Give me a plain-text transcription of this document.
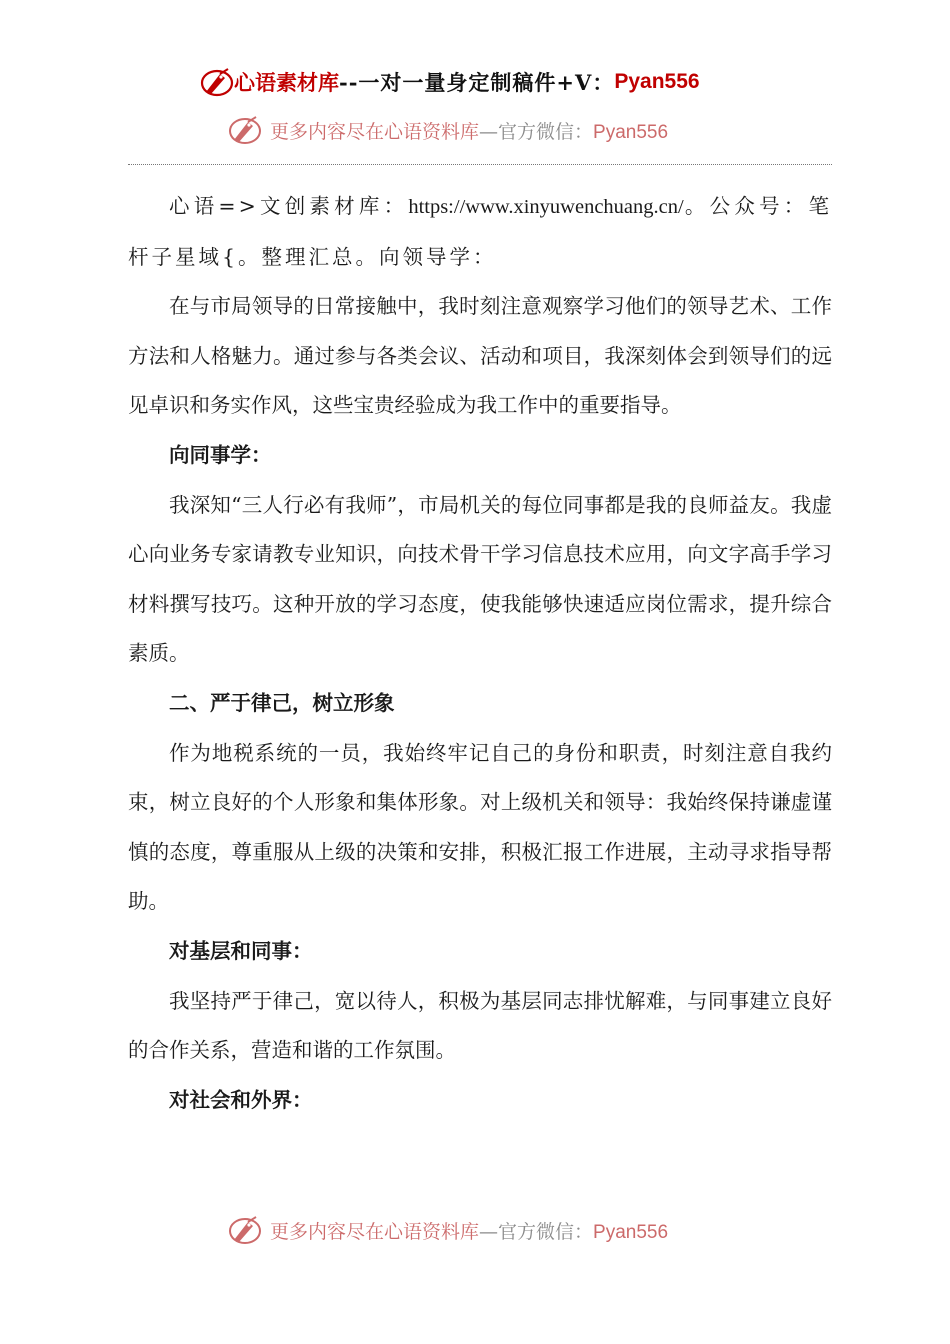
心语素材库 --一对一量身定制稿件+V： Pyan556
更多内容尽在心语资料库—官方微信：Pyan556

心语=>文创素材库：https://www.xinyuwenchuang.cn/。公众号：笔杆子星域{。整理汇总。向领导学：

在与市局领导的日常接触中，我时刻注意观察学习他们的领导艺术、工作方法和人格魅力。通过参与各类会议、活动和项目，我深刻体会到领导们的远见卓识和务实作风，这些宝贵经验成为我工作中的重要指导。

向同事学：

我深知“三人行必有我师”，市局机关的每位同事都是我的良师益友。我虚心向业务专家请教专业知识，向技术骨干学习信息技术应用，向文字高手学习材料撰写技巧。这种开放的学习态度，使我能够快速适应岗位需求，提升综合素质。

二、严于律己，树立形象

作为地税系统的一员，我始终牢记自己的身份和职责，时刻注意自我约束，树立良好的个人形象和集体形象。对上级机关和领导：我始终保持谦虚谨慎的态度，尊重服从上级的决策和安排，积极汇报工作进展，主动寻求指导帮助。

对基层和同事：

我坚持严于律己，宽以待人，积极为基层同志排忧解难，与同事建立良好的合作关系，营造和谐的工作氛围。

对社会和外界：

更多内容尽在心语资料库—官方微信：Pyan556
